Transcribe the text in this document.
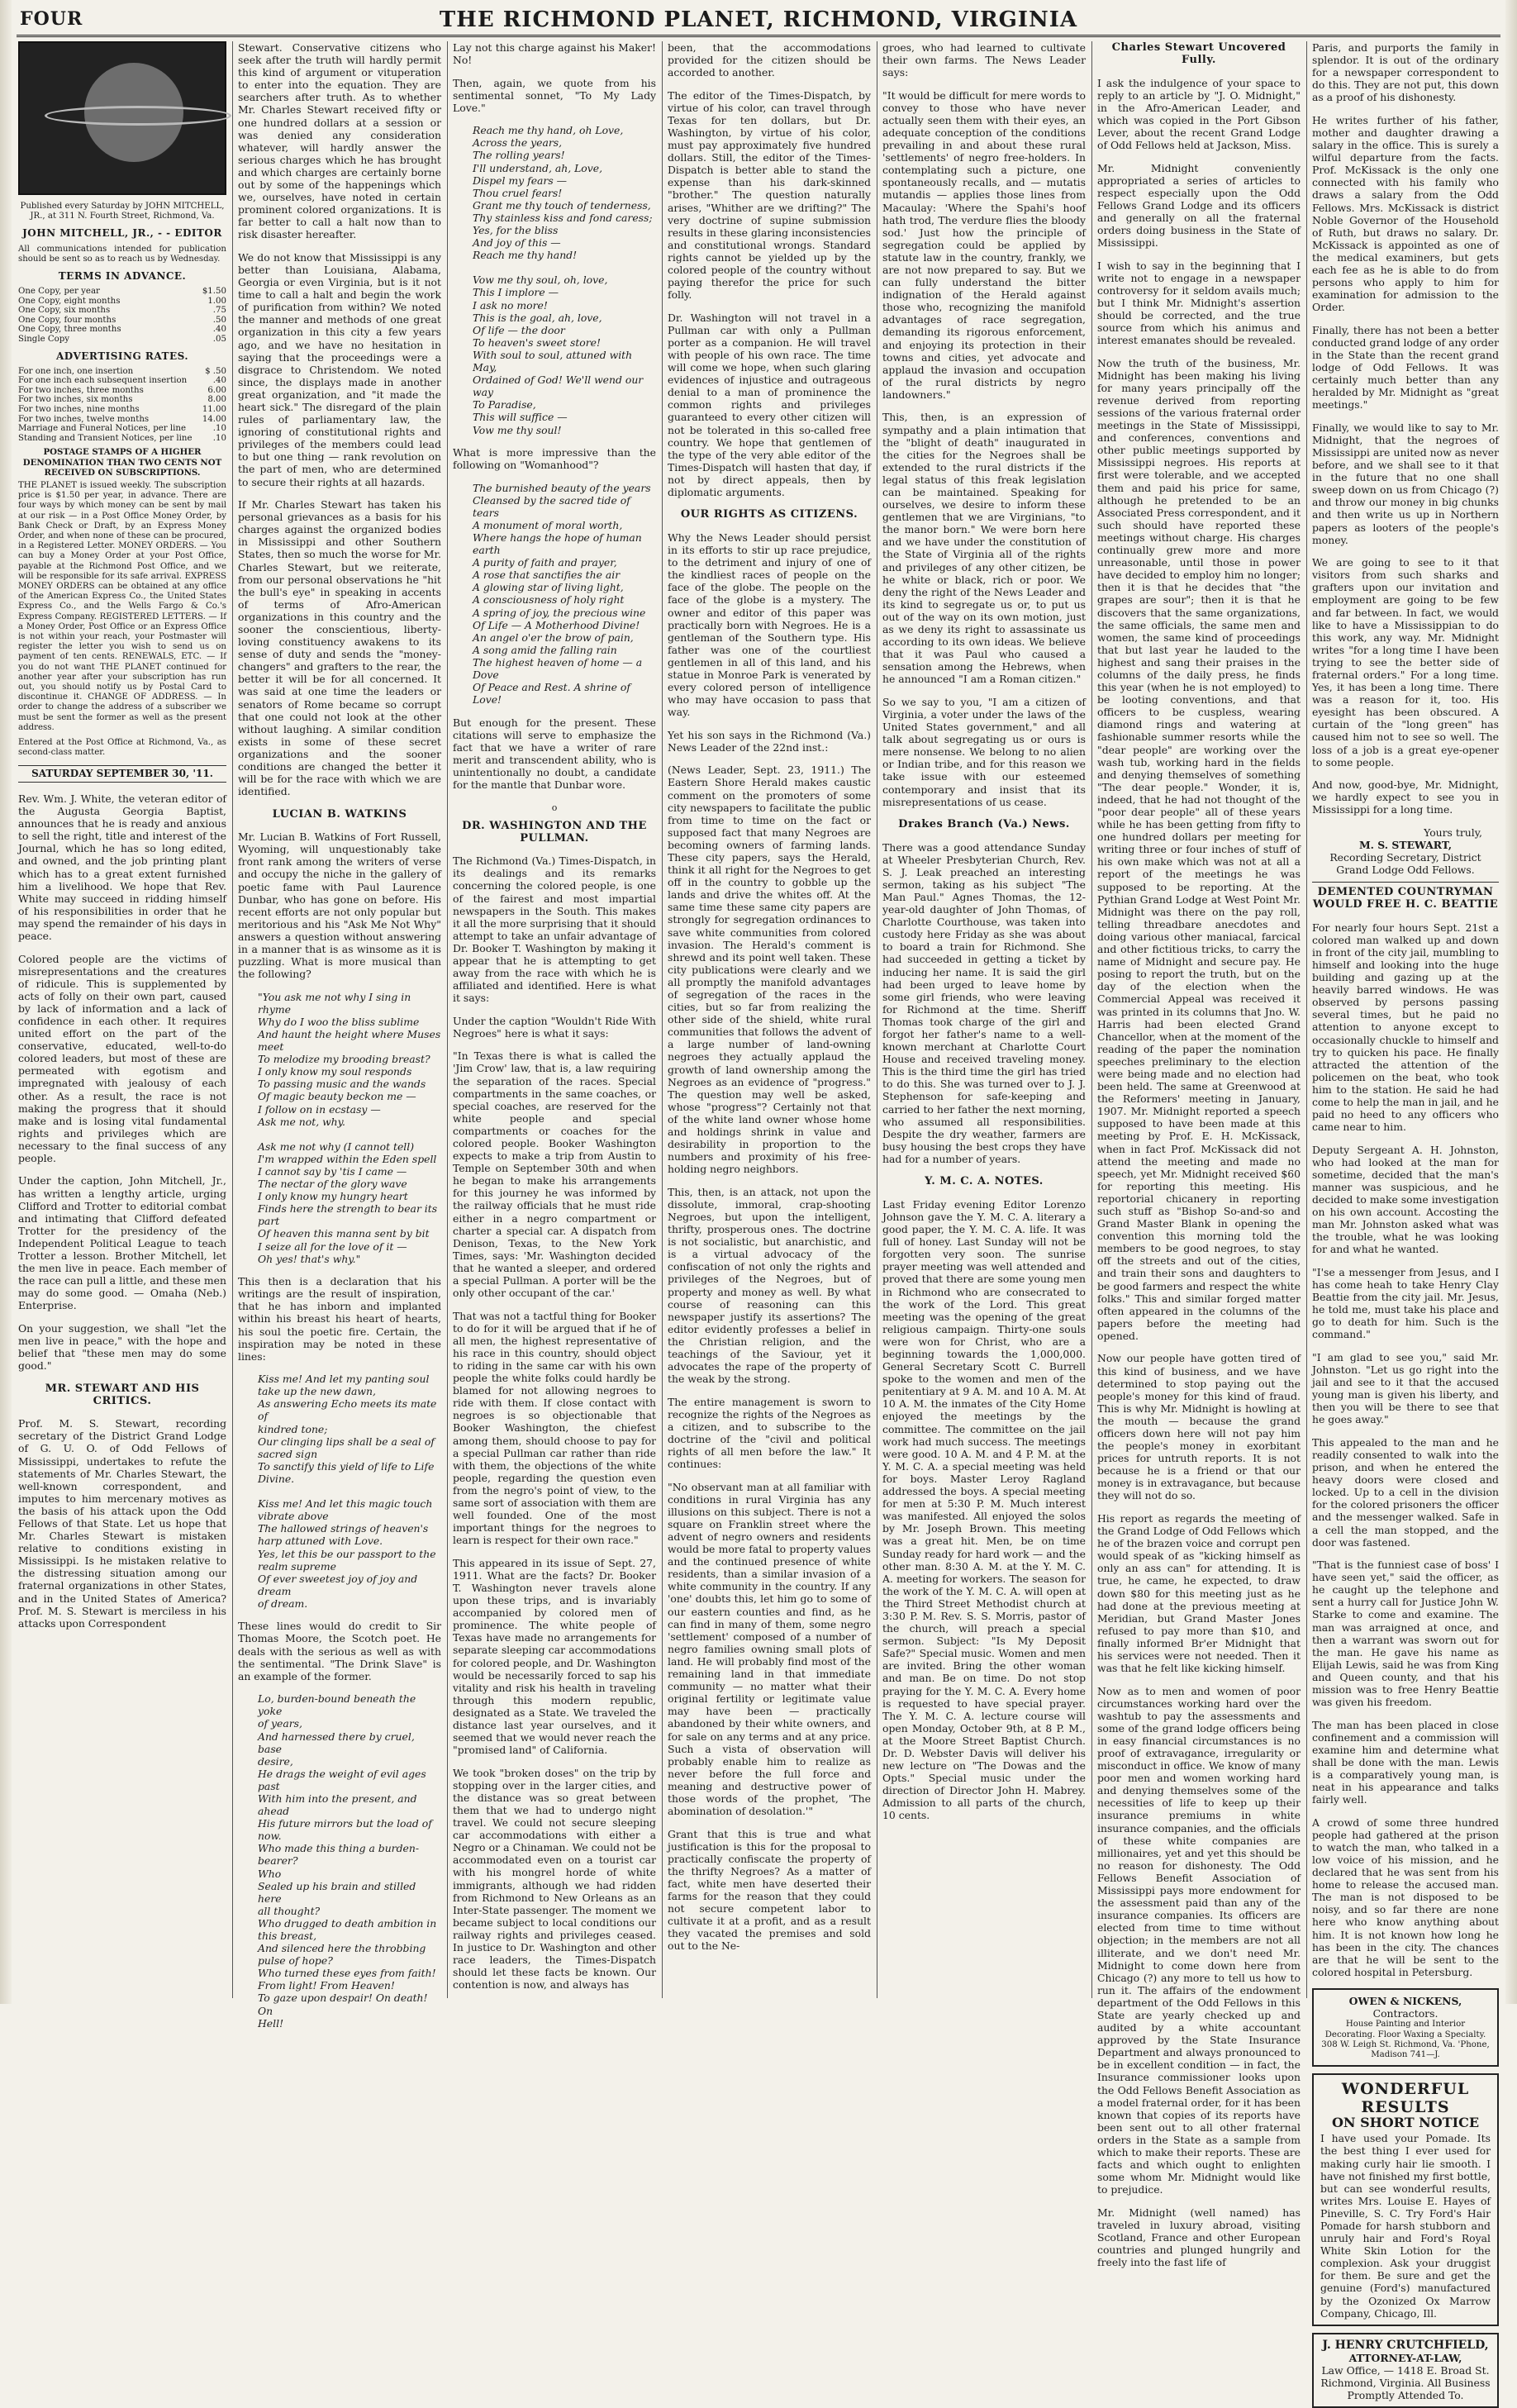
FOUR	THE RICHMOND PLANET, RICHMOND, VIRGINIA
Published every Saturday by JOHN MITCHELL, JR., at 311 N. Fourth Street, Richmond, Va.
JOHN MITCHELL, JR., - - EDITOR
All communications intended for publication should be sent so as to reach us by Wednesday.
TERMS IN ADVANCE.
One Copy, per year	$1.50
One Copy, eight months	1.00
One Copy, six months	.75
One Copy, four months	.50
One Copy, three months	.40
Single Copy	.05
ADVERTISING RATES.
For one inch, one insertion	$ .50
For one inch each subsequent insertion	.40
For two inches, three months	6.00
For two inches, six months	8.00
For two inches, nine months	11.00
For two inches, twelve months	14.00
Marriage and Funeral Notices, per line	.10
Standing and Transient Notices, per line	.10
POSTAGE STAMPS OF A HIGHER DENOMINATION THAN TWO CENTS NOT RECEIVED ON SUBSCRIPTIONS.
THE PLANET is issued weekly. The subscription price is $1.50 per year, in advance. There are four ways by which money can be sent by mail at our risk — in a Post Office Money Order, by Bank Check or Draft, by an Express Money Order, and when none of these can be procured, in a Registered Letter. MONEY ORDERS. — You can buy a Money Order at your Post Office, payable at the Richmond Post Office, and we will be responsible for its safe arrival. EXPRESS MONEY ORDERS can be obtained at any office of the American Express Co., the United States Express Co., and the Wells Fargo & Co.'s Express Company. REGISTERED LETTERS. — If a Money Order, Post Office or an Express Office is not within your reach, your Postmaster will register the letter you wish to send us on payment of ten cents. RENEWALS, ETC. — If you do not want THE PLANET continued for another year after your subscription has run out, you should notify us by Postal Card to discontinue it. CHANGE OF ADDRESS. — In order to change the address of a subscriber we must be sent the former as well as the present address.
Entered at the Post Office at Richmond, Va., as second-class matter.
SATURDAY SEPTEMBER 30, '11.

Rev. Wm. J. White, the veteran editor of the Augusta Georgia Baptist, announces that he is ready and anxious to sell the right, title and interest of the Journal, which he has so long edited, and owned, and the job printing plant which has to a great extent furnished him a livelihood. We hope that Rev. White may succeed in ridding himself of his responsibilities in order that he may spend the remainder of his days in peace.

Colored people are the victims of misrepresentations and the creatures of ridicule. This is supplemented by acts of folly on their own part, caused by lack of information and a lack of confidence in each other. It requires united effort on the part of the conservative, educated, well-to-do colored leaders, but most of these are permeated with egotism and impregnated with jealousy of each other. As a result, the race is not making the progress that it should make and is losing vital fundamental rights and privileges which are necessary to the final success of any people.

Under the caption, John Mitchell, Jr., has written a lengthy article, urging Clifford and Trotter to editorial combat and intimating that Clifford defeated Trotter for the presidency of the Independent Political League to teach Trotter a lesson. Brother Mitchell, let the men live in peace. Each member of the race can pull a little, and these men may do some good. — Omaha (Neb.) Enterprise.

On your suggestion, we shall "let the men live in peace," with the hope and belief that "these men may do some good."

MR. STEWART AND HIS CRITICS.

Prof. M. S. Stewart, recording secretary of the District Grand Lodge of G. U. O. of Odd Fellows of Mississippi, undertakes to refute the statements of Mr. Charles Stewart, the well-known correspondent, and imputes to him mercenary motives as the basis of his attack upon the Odd Fellows of that State. Let us hope that Mr. Charles Stewart is mistaken relative to conditions existing in Mississippi. Is he mistaken relative to the distressing situation among our fraternal organizations in other States, and in the United States of America? Prof. M. S. Stewart is merciless in his attacks upon Correspondent

Stewart. Conservative citizens who seek after the truth will hardly permit this kind of argument or vituperation to enter into the equation. They are searchers after truth. As to whether Mr. Charles Stewart received fifty or one hundred dollars at a session or was denied any consideration whatever, will hardly answer the serious charges which he has brought and which charges are certainly borne out by some of the happenings which we, ourselves, have noted in certain prominent colored organizations. It is far better to call a halt now than to risk disaster hereafter.

We do not know that Mississippi is any better than Louisiana, Alabama, Georgia or even Virginia, but is it not time to call a halt and begin the work of purification from within? We noted the manner and methods of one great organization in this city a few years ago, and we have no hesitation in saying that the proceedings were a disgrace to Christendom. We noted since, the displays made in another great organization, and "it made the heart sick." The disregard of the plain rules of parliamentary law, the ignoring of constitutional rights and privileges of the members could lead to but one thing — rank revolution on the part of men, who are determined to secure their rights at all hazards.

If Mr. Charles Stewart has taken his personal grievances as a basis for his charges against the organized bodies in Mississippi and other Southern States, then so much the worse for Mr. Charles Stewart, but we reiterate, from our personal observations he "hit the bull's eye" in speaking in accents of terms of Afro-American organizations in this country and the sooner the conscientious, liberty-loving constituency awakens to its sense of duty and sends the "money-changers" and grafters to the rear, the better it will be for all concerned. It was said at one time the leaders or senators of Rome became so corrupt that one could not look at the other without laughing. A similar condition exists in some of these secret organizations and the sooner conditions are changed the better it will be for the race with which we are identified.

LUCIAN B. WATKINS

Mr. Lucian B. Watkins of Fort Russell, Wyoming, will unquestionably take front rank among the writers of verse and occupy the niche in the gallery of poetic fame with Paul Laurence Dunbar, who has gone on before. His recent efforts are not only popular but meritorious and his "Ask Me Not Why" answers a question without answering in a manner that is as winsome as it is puzzling. What is more musical than the following?

"You ask me not why I sing in rhyme
Why do I woo the bliss sublime
And haunt the height where Muses meet
To melodize my brooding breast?
I only know my soul responds
To passing music and the wands
Of magic beauty beckon me —
I follow on in ecstasy —
Ask me not, why.

Ask me not why (I cannot tell)
I'm wrapped within the Eden spell
I cannot say by 'tis I came —
The nectar of the glory wave
I only know my hungry heart
Finds here the strength to bear its part
Of heaven this manna sent by bit
I seize all for the love of it —
Oh yes! that's why."

This then is a declaration that his writings are the result of inspiration, that he has inborn and implanted within his breast his heart of hearts, his soul the poetic fire. Certain, the inspiration may be noted in these lines:

Kiss me! And let my panting soul
take up the new dawn,
As answering Echo meets its mate of
kindred tone;
Our clinging lips shall be a seal of
sacred sign
To sanctify this yield of life to Life
Divine.

Kiss me! And let this magic touch
vibrate above
The hallowed strings of heaven's
harp attuned with Love.
Yes, let this be our passport to the
realm supreme
Of ever sweetest joy of joy and dream
of dream.

These lines would do credit to Sir Thomas Moore, the Scotch poet. He deals with the serious as well as with the sentimental. "The Drink Slave" is an example of the former.

Lo, burden-bound beneath the yoke
of years,
And harnessed there by cruel, base
desire,
He drags the weight of evil ages
past
With him into the present, and ahead
His future mirrors but the load of
now.
Who made this thing a burden-bearer?
Who
Sealed up his brain and stilled here
all thought?
Who drugged to death ambition in
this breast,
And silenced here the throbbing
pulse of hope?
Who turned these eyes from faith!
From light! From Heaven!
To gaze upon despair! On death! On
Hell!

Lay not this charge against his Maker! No!

Then, again, we quote from his sentimental sonnet, "To My Lady Love."

Reach me thy hand, oh Love,
Across the years,
The rolling years!
I'll understand, ah, Love,
Dispel my fears —
Thou cruel fears!
Grant me thy touch of tenderness,
Thy stainless kiss and fond caress;
Yes, for the bliss
And joy of this —
Reach me thy hand!

Vow me thy soul, oh, love,
This I implore —
I ask no more!
This is the goal, ah, love,
Of life — the door
To heaven's sweet store!
With soul to soul, attuned with May,
Ordained of God! We'll wend our way
To Paradise,
This will suffice —
Vow me thy soul!

What is more impressive than the following on "Womanhood"?

The burnished beauty of the years
Cleansed by the sacred tide of tears
A monument of moral worth,
Where hangs the hope of human
earth
A purity of faith and prayer,
A rose that sanctifies the air
A glowing star of living light,
A consciousness of holy right
A spring of joy, the precious wine
Of Life — A Motherhood Divine!
An angel o'er the brow of pain,
A song amid the falling rain
The highest heaven of home — a Dove
Of Peace and Rest. A shrine of
Love!

But enough for the present. These citations will serve to emphasize the fact that we have a writer of rare merit and transcendent ability, who is unintentionally no doubt, a candidate for the mantle that Dunbar wore.

o
DR. WASHINGTON AND THE PULLMAN.

The Richmond (Va.) Times-Dispatch, in its dealings and its remarks concerning the colored people, is one of the fairest and most impartial newspapers in the South. This makes it all the more surprising that it should attempt to take an unfair advantage of Dr. Booker T. Washington by making it appear that he is attempting to get away from the race with which he is affiliated and identified. Here is what it says:

Under the caption "Wouldn't Ride With Negroes" here is what it says:

"In Texas there is what is called the 'Jim Crow' law, that is, a law requiring the separation of the races. Special compartments in the same coaches, or special coaches, are reserved for the white people and special compartments or coaches for the colored people. Booker Washington expects to make a trip from Austin to Temple on September 30th and when he began to make his arrangements for this journey he was informed by the railway officials that he must ride either in a negro compartment or charter a special car. A dispatch from Denison, Texas, to the New York Times, says: 'Mr. Washington decided that he wanted a sleeper, and ordered a special Pullman. A porter will be the only other occupant of the car.'

That was not a tactful thing for Booker to do for it will be argued that if he of all men, the highest representative of his race in this country, should object to riding in the same car with his own people the white folks could hardly be blamed for not allowing negroes to ride with them. If close contact with negroes is so objectionable that Booker Washington, the chiefest among them, should choose to pay for a special Pullman car rather than ride with them, the objections of the white people, regarding the question even from the negro's point of view, to the same sort of association with them are well founded. One of the most important things for the negroes to learn is respect for their own race."

This appeared in its issue of Sept. 27, 1911. What are the facts? Dr. Booker T. Washington never travels alone upon these trips, and is invariably accompanied by colored men of prominence. The white people of Texas have made no arrangements for separate sleeping car accommodations for colored people, and Dr. Washington would be necessarily forced to sap his vitality and risk his health in traveling through this modern republic, designated as a State. We traveled the distance last year ourselves, and it seemed that we would never reach the "promised land" of California.

We took "broken doses" on the trip by stopping over in the larger cities, and the distance was so great between them that we had to undergo night travel. We could not secure sleeping car accommodations with either a Negro or a Chinaman. We could not be accommodated even on a tourist car with his mongrel horde of white immigrants, although we had ridden from Richmond to New Orleans as an Inter-State passenger. The moment we became subject to local conditions our railway rights and privileges ceased. In justice to Dr. Washington and other race leaders, the Times-Dispatch should let these facts be known. Our contention is now, and always has

been, that the accommodations provided for the citizen should be accorded to another.

The editor of the Times-Dispatch, by virtue of his color, can travel through Texas for ten dollars, but Dr. Washington, by virtue of his color, must pay approximately five hundred dollars. Still, the editor of the Times-Dispatch is better able to stand the expense than his dark-skinned "brother." The question naturally arises, "Whither are we drifting?" The very doctrine of supine submission results in these glaring inconsistencies and constitutional wrongs. Standard rights cannot be yielded up by the colored people of the country without paying therefor the price for such folly.

Dr. Washington will not travel in a Pullman car with only a Pullman porter as a companion. He will travel with people of his own race. The time will come we hope, when such glaring evidences of injustice and outrageous denial to a man of prominence the common rights and privileges guaranteed to every other citizen will not be tolerated in this so-called free country. We hope that gentlemen of the type of the very able editor of the Times-Dispatch will hasten that day, if not by direct appeals, then by diplomatic arguments.

OUR RIGHTS AS CITIZENS.

Why the News Leader should persist in its efforts to stir up race prejudice, to the detriment and injury of one of the kindliest races of people on the face of the globe. The people on the face of the globe is a mystery. The owner and editor of this paper was practically born with Negroes. He is a gentleman of the Southern type. His father was one of the courtliest gentlemen in all of this land, and his statue in Monroe Park is venerated by every colored person of intelligence who may have occasion to pass that way.

Yet his son says in the Richmond (Va.) News Leader of the 22nd inst.:

(News Leader, Sept. 23, 1911.) The Eastern Shore Herald makes caustic comment on the promoters of some city newspapers to facilitate the public from time to time on the fact or supposed fact that many Negroes are becoming owners of farming lands. These city papers, says the Herald, think it all right for the Negroes to get off in the country to gobble up the lands and drive the whites off. At the same time these same city papers are strongly for segregation ordinances to save white communities from colored invasion. The Herald's comment is shrewd and its point well taken. These city publications were clearly and we all promptly the manifold advantages of segregation of the races in the cities, but so far from realizing the other side of the shield, white rural communities that follows the advent of a large number of land-owning negroes they actually applaud the growth of land ownership among the Negroes as an evidence of "progress." The question may well be asked, whose "progress"? Certainly not that of the white land owner whose home and holdings shrink in value and desirability in proportion to the numbers and proximity of his free-holding negro neighbors.

This, then, is an attack, not upon the dissolute, immoral, crap-shooting Negroes, but upon the intelligent, thrifty, prosperous ones. The doctrine is not socialistic, but anarchistic, and is a virtual advocacy of the confiscation of not only the rights and privileges of the Negroes, but of property and money as well. By what course of reasoning can this newspaper justify its assertions? The editor evidently professes a belief in the Christian religion, and the teachings of the Saviour, yet it advocates the rape of the property of the weak by the strong.

The entire management is sworn to recognize the rights of the Negroes as a citizen, and to subscribe to the doctrine of the "civil and political rights of all men before the law." It continues:

"No observant man at all familiar with conditions in rural Virginia has any illusions on this subject. There is not a square on Franklin street where the advent of negro owners and residents would be more fatal to property values and the continued presence of white residents, than a similar invasion of a white community in the country. If any 'one' doubts this, let him go to some of our eastern counties and find, as he can find in many of them, some negro 'settlement' composed of a number of negro families owning small plots of land. He will probably find most of the remaining land in that immediate community — no matter what their original fertility or legitimate value may have been — practically abandoned by their white owners, and for sale on any terms and at any price. Such a vista of observation will probably enable him to realize as never before the full force and meaning and destructive power of those words of the prophet, 'The abomination of desolation.'"

Grant that this is true and what justification is this for the proposal to practically confiscate the property of the thrifty Negroes? As a matter of fact, white men have deserted their farms for the reason that they could not secure competent labor to cultivate it at a profit, and as a result they vacated the premises and sold out to the Ne-

groes, who had learned to cultivate their own farms. The News Leader says:

"It would be difficult for mere words to convey to those who have never actually seen them with their eyes, an adequate conception of the conditions prevailing in and about these rural 'settlements' of negro free-holders. In contemplating such a picture, one spontaneously recalls, and — mutatis mutandis — applies those lines from Macaulay: 'Where the Spahi's hoof hath trod, The verdure flies the bloody sod.' Just how the principle of segregation could be applied by statute law in the country, frankly, we are not now prepared to say. But we can fully understand the bitter indignation of the Herald against those who, recognizing the manifold advantages of race segregation, demanding its rigorous enforcement, and enjoying its protection in their towns and cities, yet advocate and applaud the invasion and occupation of the rural districts by negro landowners."

This, then, is an expression of sympathy and a plain intimation that the "blight of death" inaugurated in the cities for the Negroes shall be extended to the rural districts if the legal status of this freak legislation can be maintained. Speaking for ourselves, we desire to inform these gentlemen that we are Virginians, "to the manor born." We were born here and we have under the constitution of the State of Virginia all of the rights and privileges of any other citizen, be he white or black, rich or poor. We deny the right of the News Leader and its kind to segregate us or, to put us out of the way on its own motion, just as we deny its right to assassinate us according to its own ideas. We believe that it was Paul who caused a sensation among the Hebrews, when he announced "I am a Roman citizen."

So we say to you, "I am a citizen of Virginia, a voter under the laws of the United States government," and all talk about segregating us or ours is mere nonsense. We belong to no alien or Indian tribe, and for this reason we take issue with our esteemed contemporary and insist that its misrepresentations of us cease.

Drakes Branch (Va.) News.

There was a good attendance Sunday at Wheeler Presbyterian Church, Rev. S. J. Leak preached an interesting sermon, taking as his subject "The Man Paul." Agnes Thomas, the 12-year-old daughter of John Thomas, of Charlotte Courthouse, was taken into custody here Friday as she was about to board a train for Richmond. She had succeeded in getting a ticket by inducing her name. It is said the girl had been urged to leave home by some girl friends, who were leaving for Richmond at the time. Sheriff Thomas took charge of the girl and forgot her father's name to a well-known merchant at Charlotte Court House and received traveling money. This is the third time the girl has tried to do this. She was turned over to J. J. Stephenson for safe-keeping and carried to her father the next morning, who assumed all responsibilities. Despite the dry weather, farmers are busy housing the best crops they have had for a number of years.

Y. M. C. A. NOTES.

Last Friday evening Editor Lorenzo Johnson gave the Y. M. C. A. literary a good paper, the Y. M. C. A. life. It was full of honey. Last Sunday will not be forgotten very soon. The sunrise prayer meeting was well attended and proved that there are some young men in Richmond who are consecrated to the work of the Lord. This great meeting was the opening of the great religious campaign. Thirty-one souls were won for Christ, who are a beginning towards the 1,000,000. General Secretary Scott C. Burrell spoke to the women and men of the penitentiary at 9 A. M. and 10 A. M. At 10 A. M. the inmates of the City Home enjoyed the meetings by the committee. The committee on the jail work had much success. The meetings were good. 10 A. M. and 4 P. M. at the Y. M. C. A. a special meeting was held for boys. Master Leroy Ragland addressed the boys. A special meeting for men at 5:30 P. M. Much interest was manifested. All enjoyed the solos by Mr. Joseph Brown. This meeting was a great hit. Men, be on time Sunday ready for hard work — and the other man. 8:30 A. M. at the Y. M. C. A. meeting for workers. The season for the work of the Y. M. C. A. will open at the Third Street Methodist church at 3:30 P. M. Rev. S. S. Morris, pastor of the church, will preach a special sermon. Subject: "Is My Deposit Safe?" Special music. Women and men are invited. Bring the other woman and man. Be on time. Do not stop praying for the Y. M. C. A. Every home is requested to have special prayer. The Y. M. C. A. lecture course will open Monday, October 9th, at 8 P. M., at the Moore Street Baptist Church. Dr. D. Webster Davis will deliver his new lecture on "The Dowas and the Opts." Special music under the direction of Director John H. Mabrey. Admission to all parts of the church, 10 cents.

Charles Stewart Uncovered Fully.

I ask the indulgence of your space to reply to an article by "J. O. Midnight," in the Afro-American Leader, and which was copied in the Port Gibson Lever, about the recent Grand Lodge of Odd Fellows held at Jackson, Miss.

Mr. Midnight conveniently appropriated a series of articles to respect especially upon the Odd Fellows Grand Lodge and its officers and generally on all the fraternal orders doing business in the State of Mississippi.

I wish to say in the beginning that I write not to engage in a newspaper controversy for it seldom avails much; but I think Mr. Midnight's assertion should be corrected, and the true source from which his animus and interest emanates should be revealed.

Now the truth of the business, Mr. Midnight has been making his living for many years principally off the revenue derived from reporting sessions of the various fraternal order meetings in the State of Mississippi, and conferences, conventions and other public meetings supported by Mississippi negroes. His reports at first were tolerable, and we accepted them and paid his price for same, although he pretended to be an Associated Press correspondent, and it such should have reported these meetings without charge. His charges continually grew more and more unreasonable, until those in power have decided to employ him no longer; then it is that he decides that "the grapes are sour"; then it is that he discovers that the same organizations, the same officials, the same men and women, the same kind of proceedings that but last year he lauded to the highest and sang their praises in the columns of the daily press, he finds this year (when he is not employed) to be looting conventions, and that officers to be cuspless, wearing diamond rings and watering at fashionable summer resorts while the "dear people" are working over the wash tub, working hard in the fields and denying themselves of something "The dear people." Wonder, it is, indeed, that he had not thought of the "poor dear people" all of these years while he has been getting from fifty to one hundred dollars per meeting for writing three or four inches of stuff of his own make which was not at all a report of the meetings he was supposed to be reporting. At the Pythian Grand Lodge at West Point Mr. Midnight was there on the pay roll, telling threadbare anecdotes and doing various other maniacal, farcical and other fictitious tricks, to carry the name of Midnight and secure pay. He posing to report the truth, but on the day of the election when the Commercial Appeal was received it was printed in its columns that Jno. W. Harris had been elected Grand Chancellor, when at the moment of the reading of the paper the nomination speeches preliminary to the election were being made and no election had been held. The same at Greenwood at the Reformers' meeting in January, 1907. Mr. Midnight reported a speech supposed to have been made at this meeting by Prof. E. H. McKissack, when in fact Prof. McKissack did not attend the meeting and made no speech, yet Mr. Midnight received $60 for reporting this meeting. His reportorial chicanery in reporting such stuff as "Bishop So-and-so and Grand Master Blank in opening the convention this morning told the members to be good negroes, to stay off the streets and out of the cities, and train their sons and daughters to be good farmers and respect the white folks." This and similar forged matter often appeared in the columns of the papers before the meeting had opened.

Now our people have gotten tired of this kind of business, and we have determined to stop paying out the people's money for this kind of fraud. This is why Mr. Midnight is howling at the mouth — because the grand officers down here will not pay him the people's money in exorbitant prices for untruth reports. It is not because he is a friend or that our money is in extravagance, but because they will not do so.

His report as regards the meeting of the Grand Lodge of Odd Fellows which he of the brazen voice and corrupt pen would speak of as "kicking himself as only an ass can" for attending. It is true, he came, he expected, to draw down $80 for this meeting just as he had done at the previous meeting at Meridian, but Grand Master Jones refused to pay more than $10, and finally informed Br'er Midnight that his services were not needed. Then it was that he felt like kicking himself.

Now as to men and women of poor circumstances working hard over the washtub to pay the assessments and some of the grand lodge officers being in easy financial circumstances is no proof of extravagance, irregularity or misconduct in office. We know of many poor men and women working hard and denying themselves some of the necessities of life to keep up their insurance premiums in white insurance companies, and the officials of these white companies are millionaires, yet and yet this should be no reason for dishonesty. The Odd Fellows Benefit Association of Mississippi pays more endowment for the assessment paid than any of the insurance companies. Its officers are elected from time to time without objection; in the members are not all illiterate, and we don't need Mr. Midnight to come down here from Chicago (?) any more to tell us how to run it. The affairs of the endowment department of the Odd Fellows in this State are yearly checked up and audited by a white accountant approved by the State Insurance Department and always pronounced to be in excellent condition — in fact, the Insurance commissioner looks upon the Odd Fellows Benefit Association as a model fraternal order, for it has been known that copies of its reports have been sent out to all other fraternal orders in the State as a sample from which to make their reports. These are facts and which ought to enlighten some whom Mr. Midnight would like to prejudice.

Mr. Midnight (well named) has traveled in luxury abroad, visiting Scotland, France and other European countries and plunged hungrily and freely into the fast life of

Paris, and purports the family in splendor. It is out of the ordinary for a newspaper correspondent to do this. They are not put, this down as a proof of his dishonesty.

He writes further of his father, mother and daughter drawing a salary in the office. This is surely a wilful departure from the facts. Prof. McKissack is the only one connected with his family who draws a salary from the Odd Fellows. Mrs. McKissack is district Noble Governor of the Household of Ruth, but draws no salary. Dr. McKissack is appointed as one of the medical examiners, but gets each fee as he is able to do from persons who apply to him for examination for admission to the Order.

Finally, there has not been a better conducted grand lodge of any order in the State than the recent grand lodge of Odd Fellows. It was certainly much better than any heralded by Mr. Midnight as "great meetings."

Finally, we would like to say to Mr. Midnight, that the negroes of Mississippi are united now as never before, and we shall see to it that in the future that no one shall sweep down on us from Chicago (?) and throw our money in big chunks and then write us up in Northern papers as looters of the people's money.

We are going to see to it that visitors from such sharks and grafters upon our invitation and employment are going to be few and far between. In fact, we would like to have a Mississippian to do this work, any way. Mr. Midnight writes "for a long time I have been trying to see the better side of fraternal orders." For a long time. Yes, it has been a long time. There was a reason for it, too. His eyesight has been obscured. A curtain of the "long green" has caused him not to see so well. The loss of a job is a great eye-opener to some people.

And now, good-bye, Mr. Midnight, we hardly expect to see you in Mississippi for a long time.

Yours truly,
M. S. STEWART,
Recording Secretary, District Grand Lodge Odd Fellows.
DEMENTED COUNTRYMAN WOULD FREE H. C. BEATTIE

For nearly four hours Sept. 21st a colored man walked up and down in front of the city jail, mumbling to himself and looking into the huge building and gazing up at the heavily barred windows. He was observed by persons passing several times, but he paid no attention to anyone except to occasionally chuckle to himself and try to quicken his pace. He finally attracted the attention of the policemen on the beat, who took him to the station. He said he had come to help the man in jail, and he paid no heed to any officers who came near to him.

Deputy Sergeant A. H. Johnston, who had looked at the man for sometime, decided that the man's manner was suspicious, and he decided to make some investigation on his own account. Accosting the man Mr. Johnston asked what was the trouble, what he was looking for and what he wanted.

"I'se a messenger from Jesus, and I has come heah to take Henry Clay Beattie from the city jail. Mr. Jesus, he told me, must take his place and go to death for him. Such is the command."

"I am glad to see you," said Mr. Johnston. "Let us go right into the jail and see to it that the accused young man is given his liberty, and then you will be there to see that he goes away."

This appealed to the man and he readily consented to walk into the prison, and when he entered the heavy doors were closed and locked. Up to a cell in the division for the colored prisoners the officer and the messenger walked. Safe in a cell the man stopped, and the door was fastened.

"That is the funniest case of boss' I have seen yet," said the officer, as he caught up the telephone and sent a hurry call for Justice John W. Starke to come and examine. The man was arraigned at once, and then a warrant was sworn out for the man. He gave his name as Elijah Lewis, said he was from King and Queen county, and that his mission was to free Henry Beattie was given his freedom.

The man has been placed in close confinement and a commission will examine him and determine what shall be done with the man. Lewis is a comparatively young man, is neat in his appearance and talks fairly well.

A crowd of some three hundred people had gathered at the prison to watch the man, who talked in a low voice of his mission, and he declared that he was sent from his home to release the accused man. The man is not disposed to be noisy, and so far there are none here who know anything about him. It is not known how long he has been in the city. The chances are that he will be sent to the colored hospital in Petersburg.

OWEN & NICKENS,
Contractors.
House Painting and Interior Decorating. Floor Waxing a Specialty. 308 W. Leigh St. Richmond, Va. 'Phone, Madison 741—J.
WONDERFUL RESULTS
ON SHORT NOTICE
I have used your Pomade. Its the best thing I ever used for making curly hair lie smooth. I have not finished my first bottle, but can see wonderful results, writes Mrs. Louise E. Hayes of Pineville, S. C. Try Ford's Hair Pomade for harsh stubborn and unruly hair and Ford's Royal White Skin Lotion for the complexion. Ask your druggist for them. Be sure and get the genuine (Ford's) manufactured by the Ozonized Ox Marrow Company, Chicago, Ill.
J. HENRY CRUTCHFIELD,
ATTORNEY-AT-LAW,
Law Office, — 1418 E. Broad St. Richmond, Virginia. All Business Promptly Attended To.
